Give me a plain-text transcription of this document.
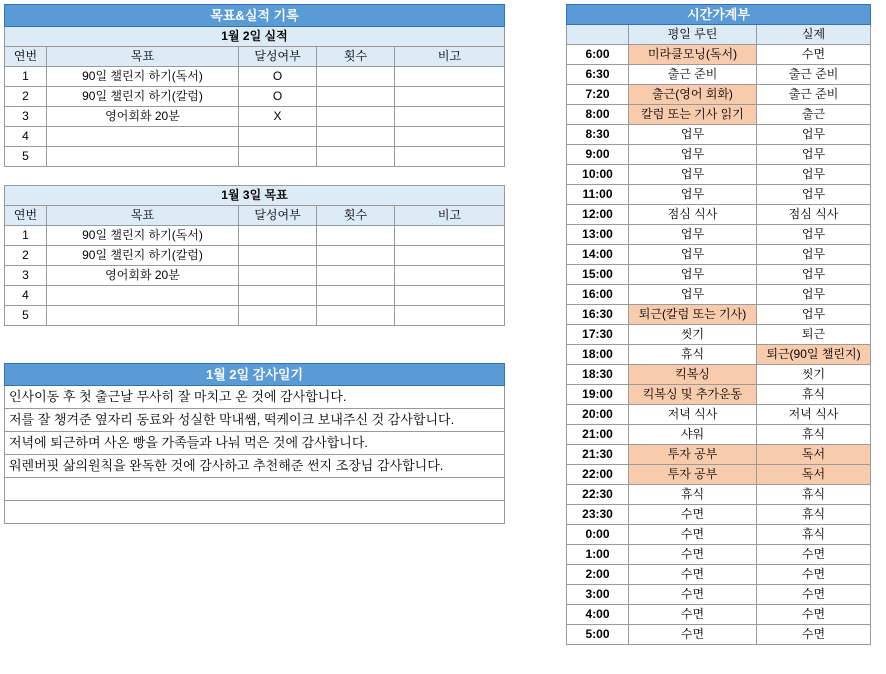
목표&실적 기록				
1월 2일 실적				
연번	목표	달성여부	횟수	비고
1	90일 챌린지 하기(독서)	O		
2	90일 챌린지 하기(칼럼)	O		
3	영어회화 20분	X		
4				
5				
1월 3일 목표				
연번	목표	달성여부	횟수	비고
1	90일 챌린지 하기(독서)			
2	90일 챌린지 하기(칼럼)			
3	영어회화 20분			
4				
5				
1월 2일 감사일기
인사이동 후 첫 출근날 무사히 잘 마치고 온 것에 감사합니다.
저를 잘 챙겨준 옆자리 동료와 성실한 막내쌤, 떡케이크 보내주신 것 감사합니다.
저녁에 퇴근하며 사온 빵을 가족들과 나눠 먹은 것에 감사합니다.
워렌버핏 삶의원칙을 완독한 것에 감사하고 추천해준 썬지 조장님 감사합니다.

시간가계부		
	평일 루틴	실제
6:00	미라클모닝(독서)	수면
6:30	출근 준비	출근 준비
7:20	출근(영어 회화)	출근 준비
8:00	칼럼 또는 기사 읽기	출근
8:30	업무	업무
9:00	업무	업무
10:00	업무	업무
11:00	업무	업무
12:00	점심 식사	점심 식사
13:00	업무	업무
14:00	업무	업무
15:00	업무	업무
16:00	업무	업무
16:30	퇴근(칼럼 또는 기사)	업무
17:30	씻기	퇴근
18:00	휴식	퇴근(90일 챌린지)
18:30	킥복싱	씻기
19:00	킥복싱 및 추가운동	휴식
20:00	저녁 식사	저녁 식사
21:00	샤워	휴식
21:30	투자 공부	독서
22:00	투자 공부	독서
22:30	휴식	휴식
23:30	수면	휴식
0:00	수면	휴식
1:00	수면	수면
2:00	수면	수면
3:00	수면	수면
4:00	수면	수면
5:00	수면	수면
